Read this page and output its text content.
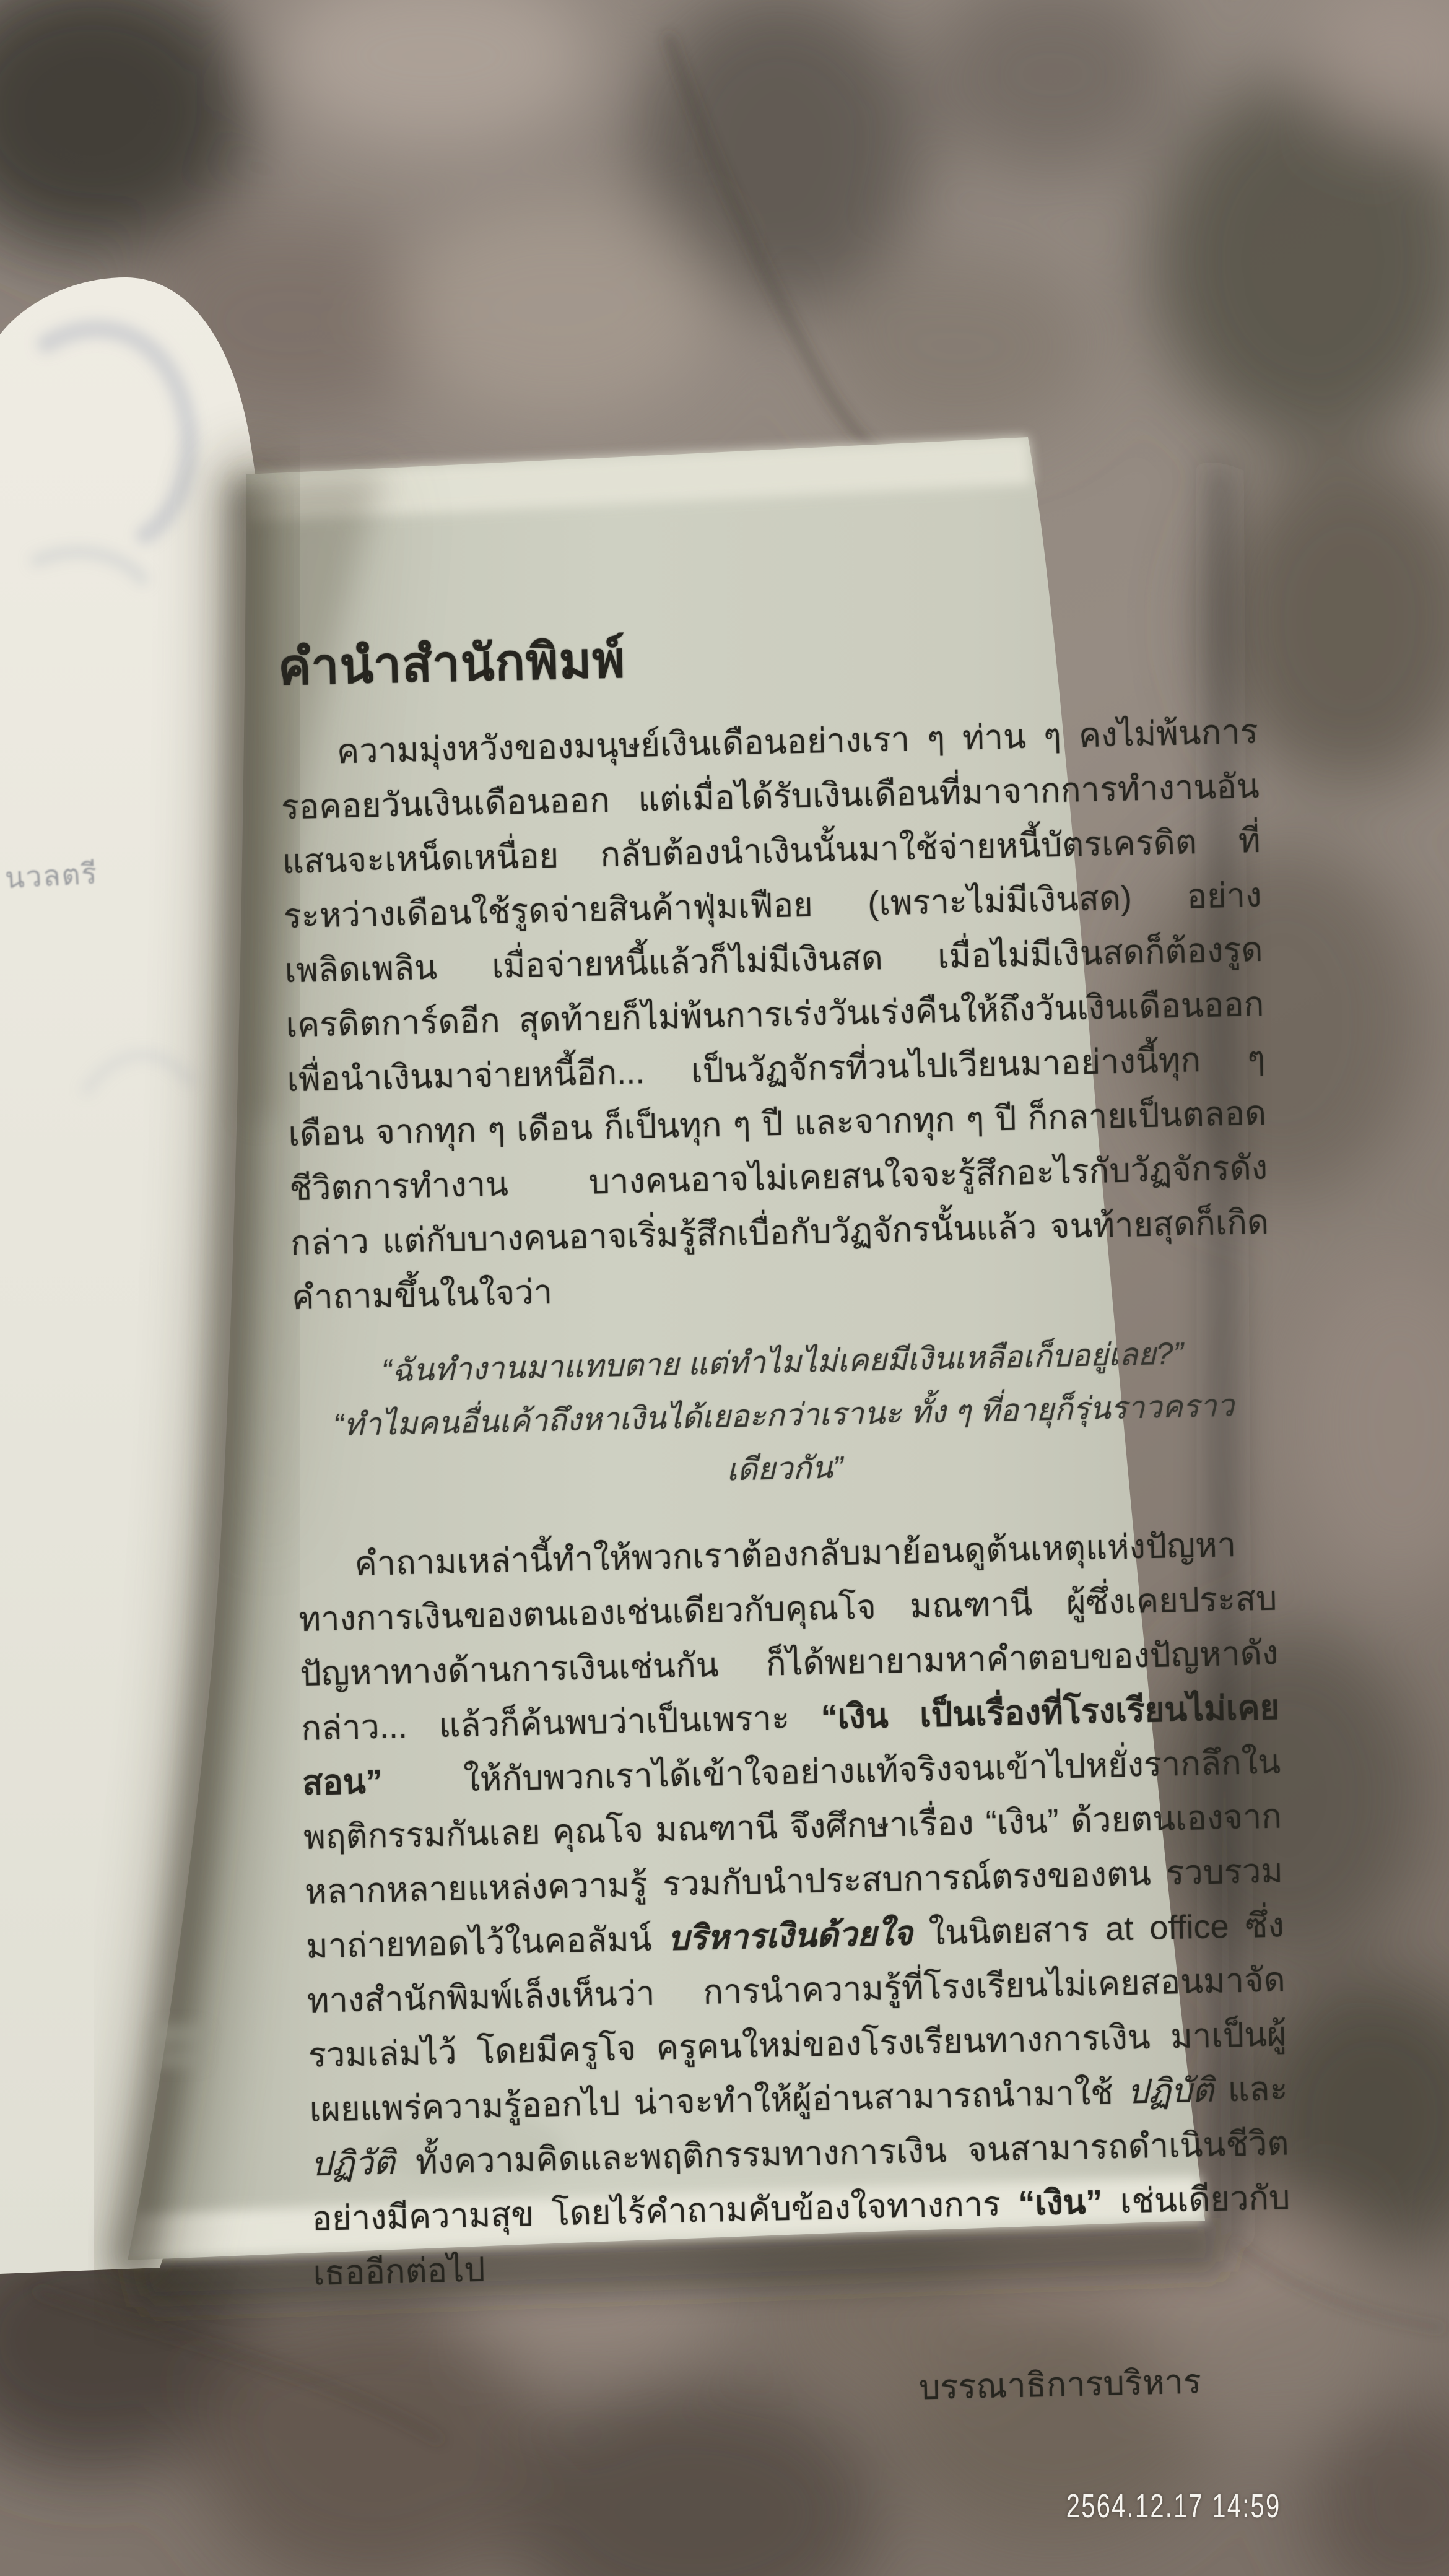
นวลตรี
คำนำสำนักพิมพ์

ความมุ่งหวังของมนุษย์เงินเดือนอย่างเรา ๆ ท่าน ๆ คงไม่พ้นการรอคอยวันเงินเดือนออก แต่เมื่อได้รับเงินเดือนที่มาจากการทำงานอันแสนจะเหน็ดเหนื่อย กลับต้องนำเงินนั้นมาใช้จ่ายหนี้บัตรเครดิต ที่ระหว่างเดือนใช้รูดจ่ายสินค้าฟุ่มเฟือย (เพราะไม่มีเงินสด) อย่างเพลิดเพลิน เมื่อจ่ายหนี้แล้วก็ไม่มีเงินสด เมื่อไม่มีเงินสดก็ต้องรูดเครดิตการ์ดอีก สุดท้ายก็ไม่พ้นการเร่งวันเร่งคืนให้ถึงวันเงินเดือนออกเพื่อนำเงินมาจ่ายหนี้อีก... เป็นวัฏจักรที่วนไปเวียนมาอย่างนี้ทุก ๆ เดือน จากทุก ๆ เดือน ก็เป็นทุก ๆ ปี และจากทุก ๆ ปี ก็กลายเป็นตลอดชีวิตการทำงาน บางคนอาจไม่เคยสนใจจะรู้สึกอะไรกับวัฏจักรดังกล่าว แต่กับบางคนอาจเริ่มรู้สึกเบื่อกับวัฏจักรนั้นแล้ว จนท้ายสุดก็เกิดคำถามขึ้นในใจว่า

“ฉันทำงานมาแทบตาย แต่ทำไมไม่เคยมีเงินเหลือเก็บอยู่เลย?”

“ทำไมคนอื่นเค้าถึงหาเงินได้เยอะกว่าเรานะ ทั้ง ๆ ที่อายุก็รุ่นราวคราวเดียวกัน”

คำถามเหล่านี้ทำให้พวกเราต้องกลับมาย้อนดูต้นเหตุแห่งปัญหาทางการเงินของตนเองเช่นเดียวกับคุณโจ มณฑานี ผู้ซึ่งเคยประสบปัญหาทางด้านการเงินเช่นกัน ก็ได้พยายามหาคำตอบของปัญหาดังกล่าว... แล้วก็ค้นพบว่าเป็นเพราะ “เงิน เป็นเรื่องที่โรงเรียนไม่เคยสอน” ให้กับพวกเราได้เข้าใจอย่างแท้จริงจนเข้าไปหยั่งรากลึกในพฤติกรรมกันเลย คุณโจ มณฑานี จึงศึกษาเรื่อง “เงิน” ด้วยตนเองจากหลากหลายแหล่งความรู้ รวมกับนำประสบการณ์ตรงของตน รวบรวมมาถ่ายทอดไว้ในคอลัมน์ บริหารเงินด้วยใจ ในนิตยสาร at office ซึ่งทางสำนักพิมพ์เล็งเห็นว่า การนำความรู้ที่โรงเรียนไม่เคยสอนมาจัดรวมเล่มไว้ โดยมีครูโจ ครูคนใหม่ของโรงเรียนทางการเงิน มาเป็นผู้เผยแพร่ความรู้ออกไป น่าจะทำให้ผู้อ่านสามารถนำมาใช้ ปฏิบัติ และ ปฏิวัติ ทั้งความคิดและพฤติกรรมทางการเงิน จนสามารถดำเนินชีวิตอย่างมีความสุข โดยไร้คำถามคับข้องใจทางการ “เงิน” เช่นเดียวกับเธออีกต่อไป

บรรณาธิการบริหาร
2564.12.17 14:59
